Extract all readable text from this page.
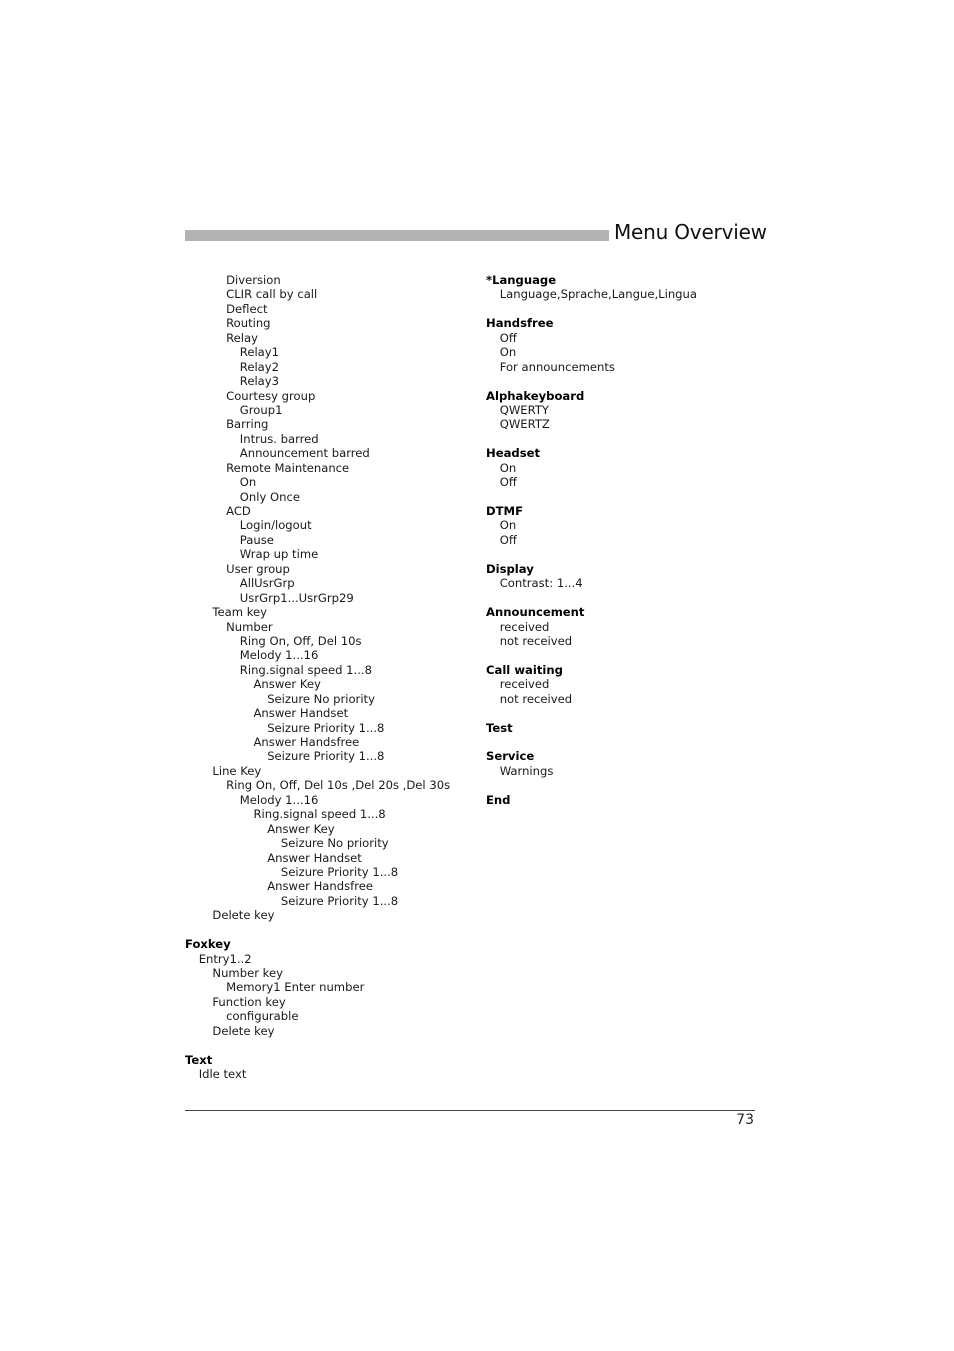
Menu Overview
Diversion
CLIR call by call
Deflect
Routing
Relay
Relay1
Relay2
Relay3
Courtesy group
Group1
Barring
Intrus. barred
Announcement barred
Remote Maintenance
On
Only Once
ACD
Login/logout
Pause
Wrap up time
User group
AllUsrGrp
UsrGrp1...UsrGrp29
Team key
Number
Ring On, Off, Del 10s
Melody 1...16
Ring.signal speed 1...8
Answer Key
Seizure No priority
Answer Handset
Seizure Priority 1...8
Answer Handsfree
Seizure Priority 1...8
Line Key
Ring On, Off, Del 10s ,Del 20s ,Del 30s
Melody 1...16
Ring.signal speed 1...8
Answer Key
Seizure No priority
Answer Handset
Seizure Priority 1...8
Answer Handsfree
Seizure Priority 1...8
Delete key
Foxkey
Entry1..2
Number key
Memory1 Enter number
Function key
configurable
Delete key
Text
Idle text
*Language
Language,Sprache,Langue,Lingua
Handsfree
Off
On
For announcements
Alphakeyboard
QWERTY
QWERTZ
Headset
On
Off
DTMF
On
Off
Display
Contrast: 1...4
Announcement
received
not received
Call waiting
received
not received
Test
Service
Warnings
End
73
